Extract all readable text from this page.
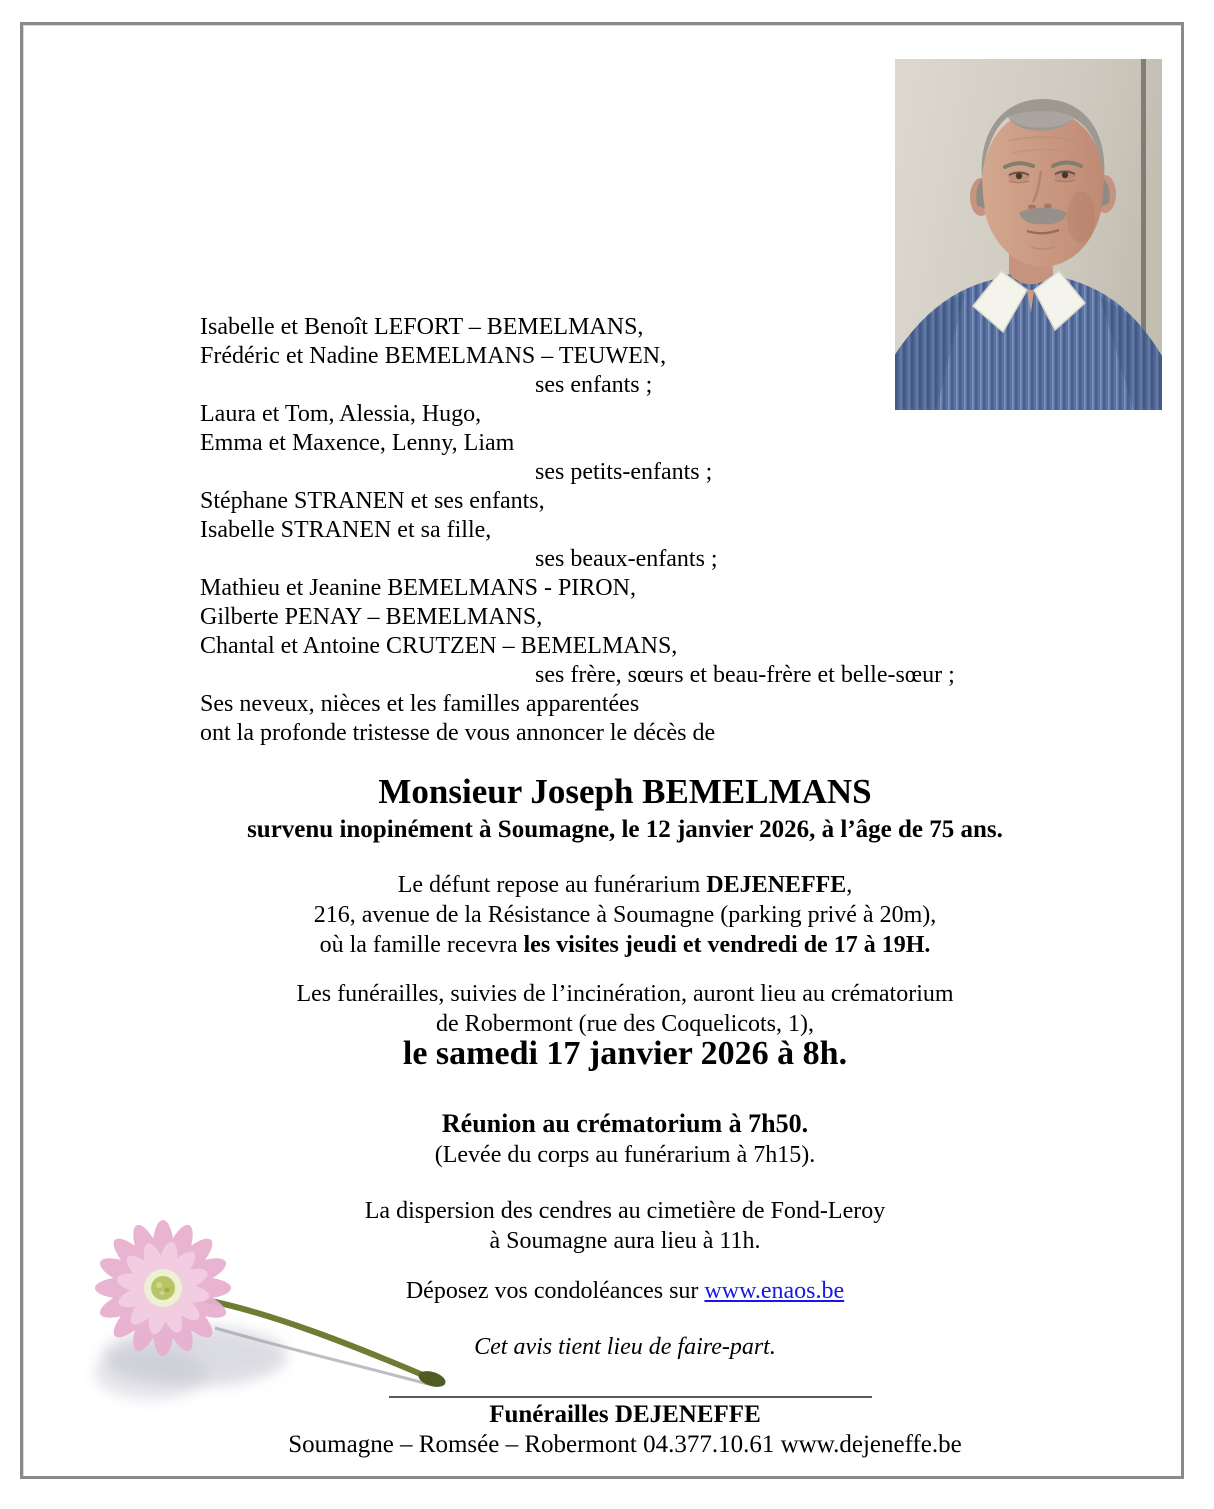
Isabelle et Benoît LEFORT – BEMELMANS,
Frédéric et Nadine BEMELMANS – TEUWEN,
ses enfants ;
Laura et Tom, Alessia, Hugo,
Emma et Maxence, Lenny, Liam
ses petits-enfants ;
Stéphane STRANEN et ses enfants,
Isabelle STRANEN et sa fille,
ses beaux-enfants ;
Mathieu et Jeanine BEMELMANS - PIRON,
Gilberte PENAY – BEMELMANS,
Chantal et Antoine CRUTZEN – BEMELMANS,
ses frère, sœurs et beau-frère et belle-sœur ;
Ses neveux, nièces et les familles apparentées
ont la profonde tristesse de vous annoncer le décès de
Monsieur Joseph BEMELMANS
survenu inopinément à Soumagne, le 12 janvier 2026, à l’âge de 75 ans.
Le défunt repose au funérarium DEJENEFFE,
216, avenue de la Résistance à Soumagne (parking privé à 20m),
où la famille recevra les visites jeudi et vendredi de 17 à 19H.
Les funérailles, suivies de l’incinération, auront lieu au crématorium
de Robermont (rue des Coquelicots, 1),
le samedi 17 janvier 2026 à 8h.
Réunion au crématorium à 7h50.
(Levée du corps au funérarium à 7h15).
La dispersion des cendres au cimetière de Fond-Leroy
à Soumagne aura lieu à 11h.
Déposez vos condoléances sur www.enaos.be
Cet avis tient lieu de faire-part.
Funérailles DEJENEFFE
Soumagne – Romsée – Robermont 04.377.10.61 www.dejeneffe.be
